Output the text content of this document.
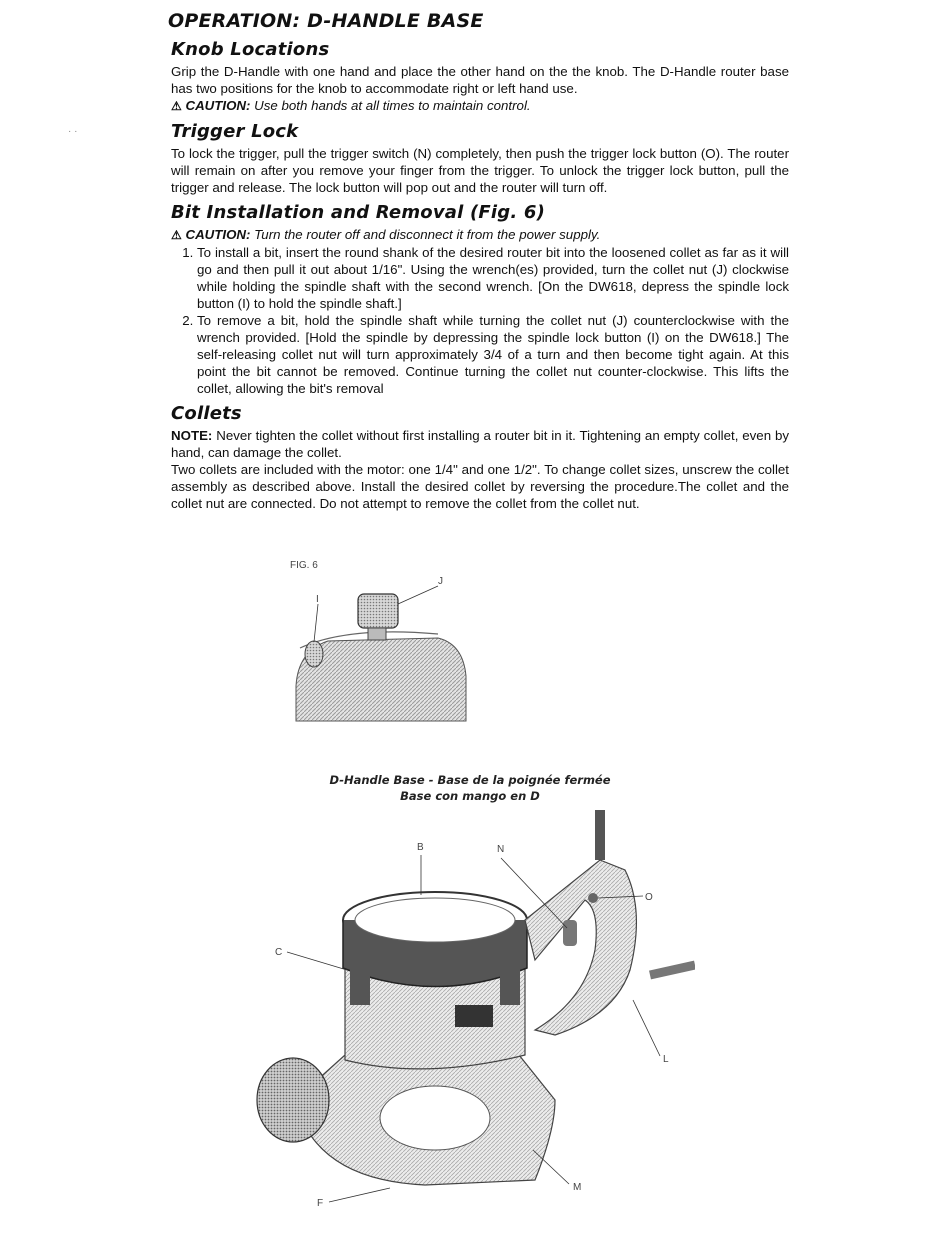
OPERATION: D-HANDLE BASE
Knob Locations

Grip the D-Handle with one hand and place the other hand on the the knob. The D-Handle router base has two positions for the knob to accommodate right or left hand use.

⚠ CAUTION: Use both hands at all times to maintain control.
Trigger Lock

To lock the trigger, pull the trigger switch (N) completely, then push the trigger lock button (O). The router will remain on after you remove your finger from the trigger. To unlock the trigger lock button, pull the trigger and release. The lock button will pop out and the router will turn off.

Bit Installation and Removal (Fig. 6)
⚠ CAUTION: Turn the router off and disconnect it from the power supply.
1. To install a bit, insert the round shank of the desired router bit into the loosened collet as far as it will go and then pull it out about 1/16". Using the wrench(es) provided, turn the collet nut (J) clockwise while holding the spindle shaft with the second wrench. [On the DW618, depress the spindle lock button (I) to hold the spindle shaft.]
2. To remove a bit, hold the spindle shaft while turning the collet nut (J) counterclockwise with the wrench provided. [Hold the spindle by depressing the spindle lock button (I) on the DW618.] The self-releasing collet nut will turn approximately 3/4 of a turn and then become tight again. At this point the bit cannot be removed. Continue turning the collet nut counter-clockwise. This lifts the collet, allowing the bit's removal
Collets

NOTE: Never tighten the collet without first installing a router bit in it. Tightening an empty collet, even by hand, can damage the collet.

Two collets are included with the motor: one 1/4" and one 1/2". To change collet sizes, unscrew the collet assembly as described above. Install the desired collet by reversing the procedure.The collet and the collet nut are connected. Do not attempt to remove the collet from the collet nut.

· ·
FIG. 6
J
I
D-Handle Base - Base de la poignée fermée
Base con mango en D
B	N
O
C
L
M
F
